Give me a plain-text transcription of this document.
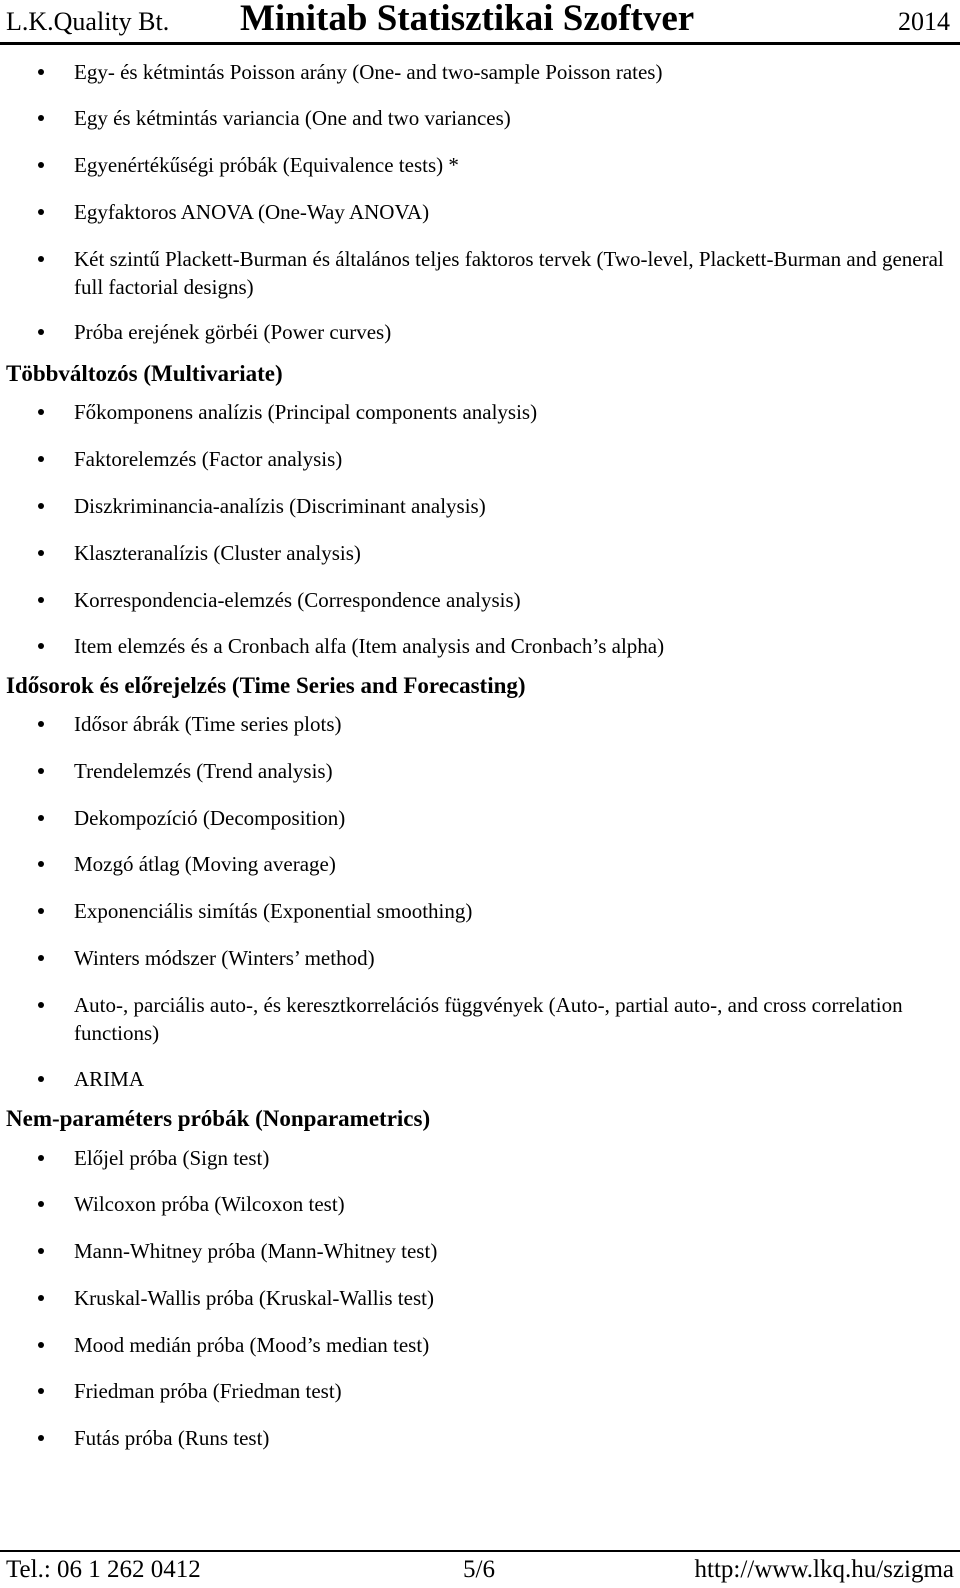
L.K.Quality Bt. Minitab Statisztikai Szoftver	2014
Egy- és kétmintás Poisson arány (One- and two-sample Poisson rates)
Egy és kétmintás variancia (One and two variances)
Egyenértékűségi próbák (Equivalence tests) *
Egyfaktoros ANOVA (One-Way ANOVA)
Két szintű Plackett-Burman és általános teljes faktoros tervek (Two-level, Plackett-Burman and general full factorial designs)
Próba erejének görbéi (Power curves)
Többváltozós (Multivariate)
Főkomponens analízis (Principal components analysis)
Faktorelemzés (Factor analysis)
Diszkriminancia-analízis (Discriminant analysis)
Klaszteranalízis (Cluster analysis)
Korrespondencia-elemzés (Correspondence analysis)
Item elemzés és a Cronbach alfa (Item analysis and Cronbach’s alpha)
Idősorok és előrejelzés (Time Series and Forecasting)
Idősor ábrák (Time series plots)
Trendelemzés (Trend analysis)
Dekompozíció (Decomposition)
Mozgó átlag (Moving average)
Exponenciális simítás (Exponential smoothing)
Winters módszer (Winters’ method)
Auto-, parciális auto-, és keresztkorrelációs függvények (Auto-, partial auto-, and cross correlation functions)
ARIMA
Nem-paraméters próbák (Nonparametrics)
Előjel próba (Sign test)
Wilcoxon próba (Wilcoxon test)
Mann-Whitney próba (Mann-Whitney test)
Kruskal-Wallis próba (Kruskal-Wallis test)
Mood medián próba (Mood’s median test)
Friedman próba (Friedman test)
Futás próba (Runs test)
Tel.: 06 1 262 0412	5/6	http://www.lkq.hu/szigma
